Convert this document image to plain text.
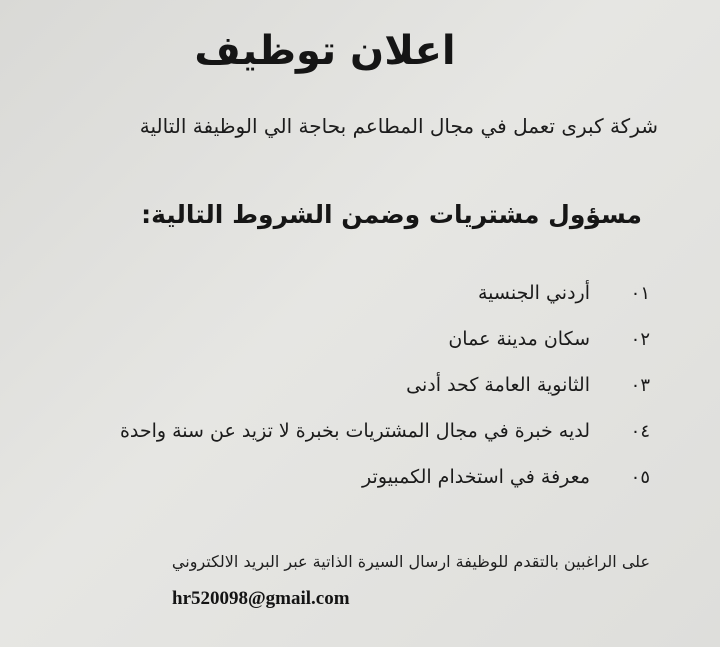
اعلان توظيف
شركة كبرى تعمل في مجال المطاعم بحاجة الي الوظيفة التالية
مسؤول مشتريات وضمن الشروط التالية:
٠١
أردني الجنسية
٠٢
سكان مدينة عمان
٠٣
الثانوية العامة كحد أدنى
٠٤
لديه خبرة في مجال المشتريات بخبرة لا تزيد عن سنة واحدة
٠٥
معرفة في استخدام الكمبيوتر
على الراغبين بالتقدم للوظيفة ارسال السيرة الذاتية عبر البريد الالكتروني
hr520098@gmail.com
